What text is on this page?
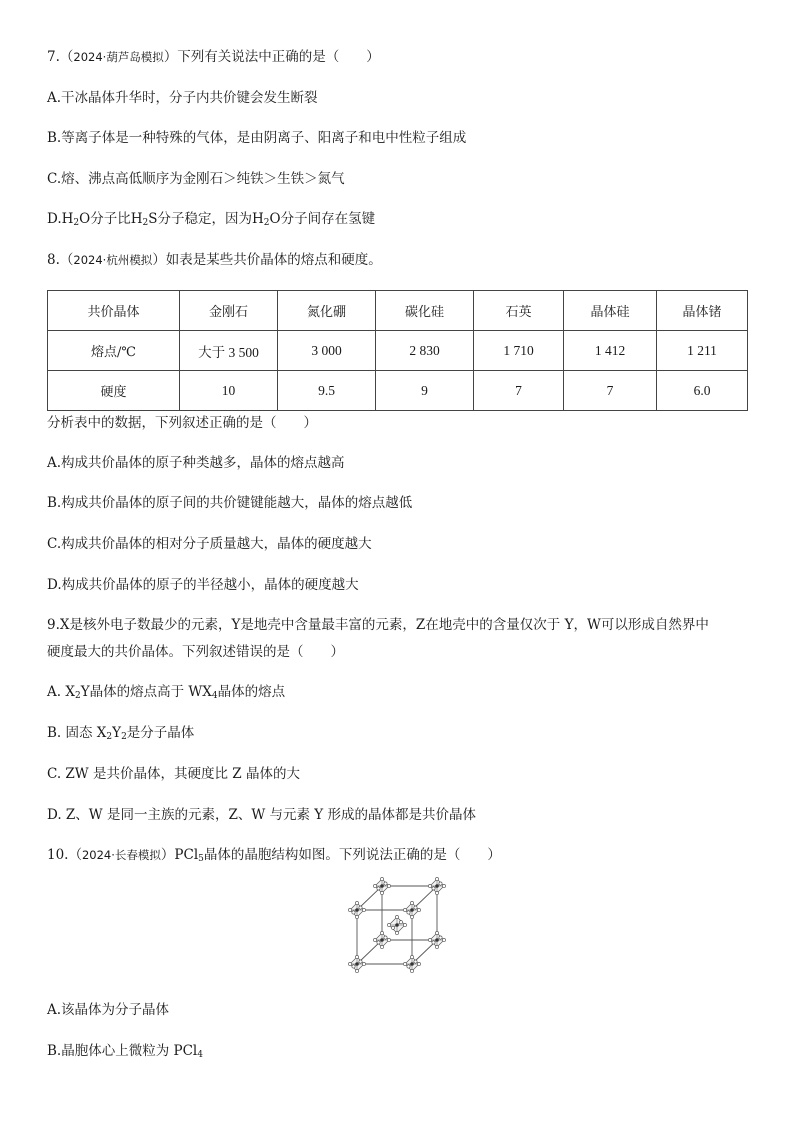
7.（2024·葫芦岛模拟）下列有关说法中正确的是（　　）
A.干冰晶体升华时，分子内共价键会发生断裂
B.等离子体是一种特殊的气体，是由阴离子、阳离子和电中性粒子组成
C.熔、沸点高低顺序为金刚石＞纯铁＞生铁＞氮气
$D.H_2O$分子比$H_2S$分子稳定，因为$H_2O$分子间存在氢键
8.（2024·杭州模拟）如表是某些共价晶体的熔点和硬度。
共价晶体	金刚石	氮化硼	碳化硅	石英	晶体硅	晶体锗
熔点/℃	大于 3 500	3 000	2 830	1 710	1 412	1 211
硬度	10	9.5	9	7	7	6.0
分析表中的数据，下列叙述正确的是（　　）
A.构成共价晶体的原子种类越多，晶体的熔点越高
B.构成共价晶体的原子间的共价键键能越大，晶体的熔点越低
C.构成共价晶体的相对分子质量越大，晶体的硬度越大
D.构成共价晶体的原子的半径越小，晶体的硬度越大
9.X是核外电子数最少的元素，Y是地壳中含量最丰富的元素，Z在地壳中的含量仅次于 Y，W可以形成自然界中
硬度最大的共价晶体。下列叙述错误的是（　　）
A. $X_2Y$晶体的熔点高于 $WX_4$晶体的熔点
B. 固态 $X_2Y_2$是分子晶体
C. ZW 是共价晶体，其硬度比 Z 晶体的大
D. Z、W 是同一主族的元素，Z、W 与元素 Y 形成的晶体都是共价晶体
10.（2024·长春模拟）PCl$_5$晶体的晶胞结构如图。下列说法正确的是（　　）
A.该晶体为分子晶体
B.晶胞体心上微粒为 PCl$_4$
